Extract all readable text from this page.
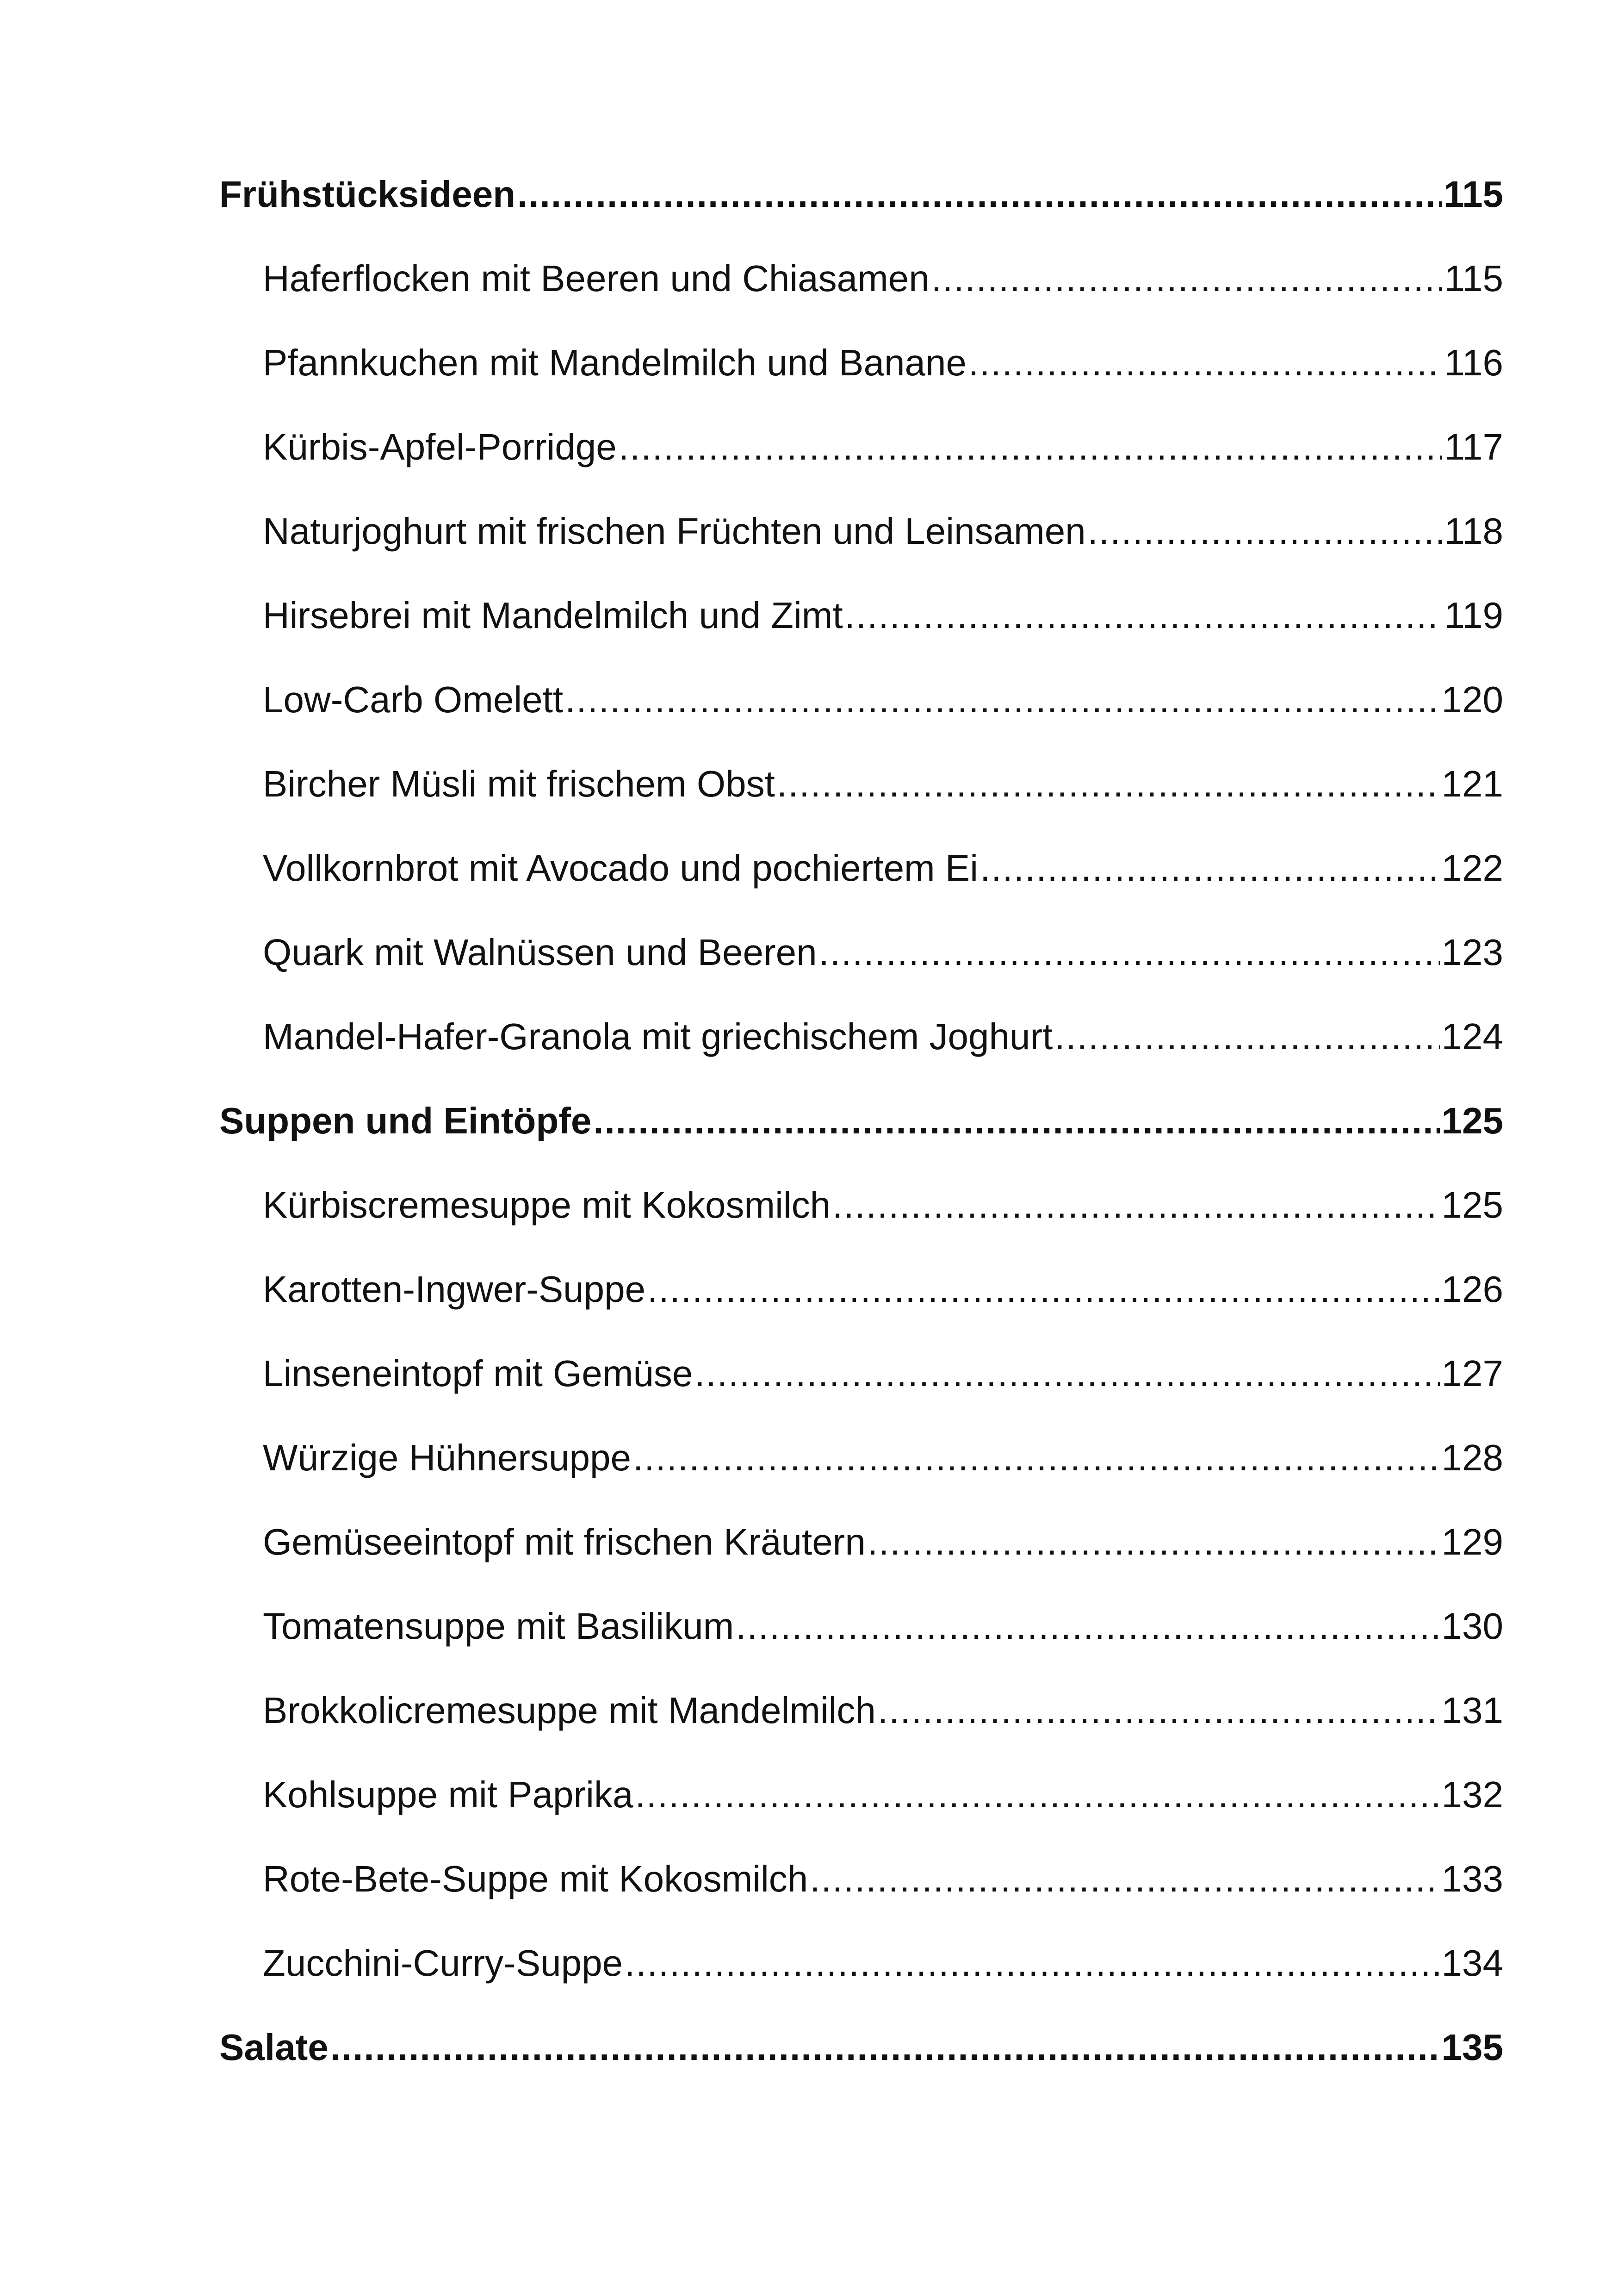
Frühstücksideen .....	115
Haferflocken mit Beeren und Chiasamen .....	115
Pfannkuchen mit Mandelmilch und Banane .....	116
Kürbis-Apfel-Porridge .....	117
Naturjoghurt mit frischen Früchten und Leinsamen .....	118
Hirsebrei mit Mandelmilch und Zimt .....	119
Low-Carb Omelett .....	120
Bircher Müsli mit frischem Obst .....	121
Vollkornbrot mit Avocado und pochiertem Ei .....	122
Quark mit Walnüssen und Beeren .....	123
Mandel-Hafer-Granola mit griechischem Joghurt .....	124
Suppen und Eintöpfe .....	125
Kürbiscremesuppe mit Kokosmilch .....	125
Karotten-Ingwer-Suppe .....	126
Linseneintopf mit Gemüse .....	127
Würzige Hühnersuppe .....	128
Gemüseeintopf mit frischen Kräutern .....	129
Tomatensuppe mit Basilikum .....	130
Brokkolicremesuppe mit Mandelmilch .....	131
Kohlsuppe mit Paprika .....	132
Rote-Bete-Suppe mit Kokosmilch .....	133
Zucchini-Curry-Suppe .....	134
Salate .....	135
